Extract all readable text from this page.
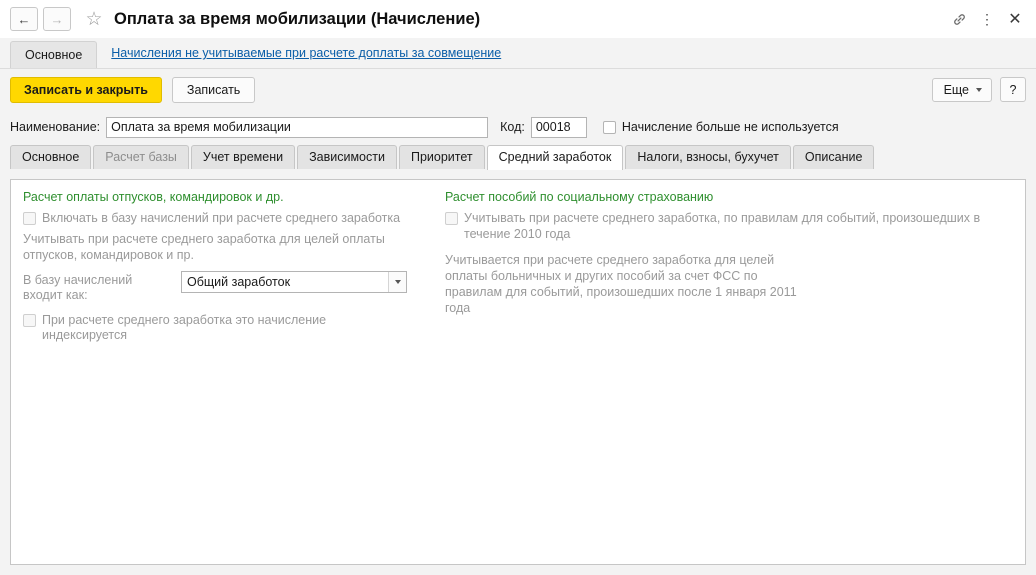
← → ☆ Оплата за время мобилизации (Начисление)	⋮ ✕
Основное	Начисления не учитываемые при расчете доплаты за совмещение
Записать и закрыть	Записать	Еще	?
Наименование:
Оплата за время мобилизации	Код:
00018	Начисление больше не используется
Основное	Расчет базы	Учет времени	Зависимости	Приоритет	Средний заработок	Налоги, взносы, бухучет	Описание
Расчет оплаты отпусков, командировок и др.
Включать в базу начислений при расчете среднего заработка
Учитывать при расчете среднего заработка для целей оплаты отпусков, командировок и пр.
В базу начислений входит как:
Общий заработок
При расчете среднего заработка это начисление индексируется
Расчет пособий по социальному страхованию
Учитывать при расчете среднего заработка, по правилам для событий, произошедших в течение 2010 года
Учитывается при расчете среднего заработка для целей оплаты больничных и других пособий за счет ФСС по правилам для событий, произошедших после 1 января 2011 года
